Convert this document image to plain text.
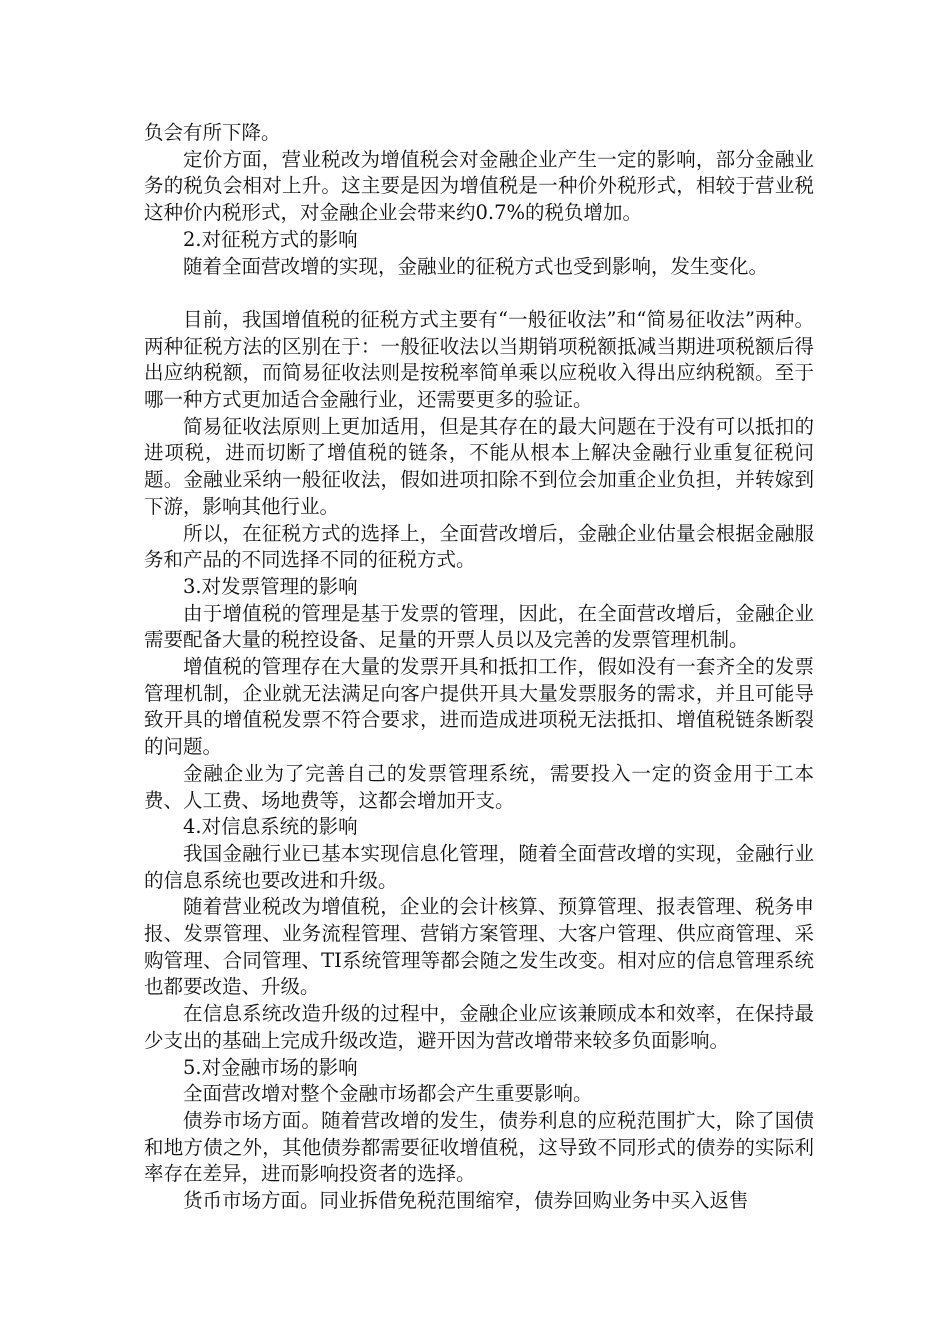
负会有所下降。

定价方面，营业税改为增值税会对金融企业产生一定的影响，部分金融业务的税负会相对上升。这主要是因为增值税是一种价外税形式，相较于营业税这种价内税形式，对金融企业会带来约0.7%的税负增加。

2.对征税方式的影响

随着全面营改增的实现，金融业的征税方式也受到影响，发生变化。

目前，我国增值税的征税方式主要有“一般征收法”和“简易征收法”两种。两种征税方法的区别在于：一般征收法以当期销项税额抵减当期进项税额后得出应纳税额，而简易征收法则是按税率简单乘以应税收入得出应纳税额。至于哪一种方式更加适合金融行业，还需要更多的验证。

简易征收法原则上更加适用，但是其存在的最大问题在于没有可以抵扣的进项税，进而切断了增值税的链条，不能从根本上解决金融行业重复征税问题。金融业采纳一般征收法，假如进项扣除不到位会加重企业负担，并转嫁到下游，影响其他行业。

所以，在征税方式的选择上，全面营改增后，金融企业估量会根据金融服务和产品的不同选择不同的征税方式。

3.对发票管理的影响

由于增值税的管理是基于发票的管理，因此，在全面营改增后，金融企业需要配备大量的税控设备、足量的开票人员以及完善的发票管理机制。

增值税的管理存在大量的发票开具和抵扣工作，假如没有一套齐全的发票管理机制，企业就无法满足向客户提供开具大量发票服务的需求，并且可能导致开具的增值税发票不符合要求，进而造成进项税无法抵扣、增值税链条断裂的问题。

金融企业为了完善自己的发票管理系统，需要投入一定的资金用于工本费、人工费、场地费等，这都会增加开支。

4.对信息系统的影响

我国金融行业已基本实现信息化管理，随着全面营改增的实现，金融行业的信息系统也要改进和升级。

随着营业税改为增值税，企业的会计核算、预算管理、报表管理、税务申报、发票管理、业务流程管理、营销方案管理、大客户管理、供应商管理、采购管理、合同管理、TI系统管理等都会随之发生改变。相对应的信息管理系统也都要改造、升级。

在信息系统改造升级的过程中，金融企业应该兼顾成本和效率，在保持最少支出的基础上完成升级改造，避开因为营改增带来较多负面影响。

5.对金融市场的影响

全面营改增对整个金融市场都会产生重要影响。

债券市场方面。随着营改增的发生，债券利息的应税范围扩大，除了国债和地方债之外，其他债券都需要征收增值税，这导致不同形式的债券的实际利率存在差异，进而影响投资者的选择。

货币市场方面。同业拆借免税范围缩窄，债券回购业务中买入返售
